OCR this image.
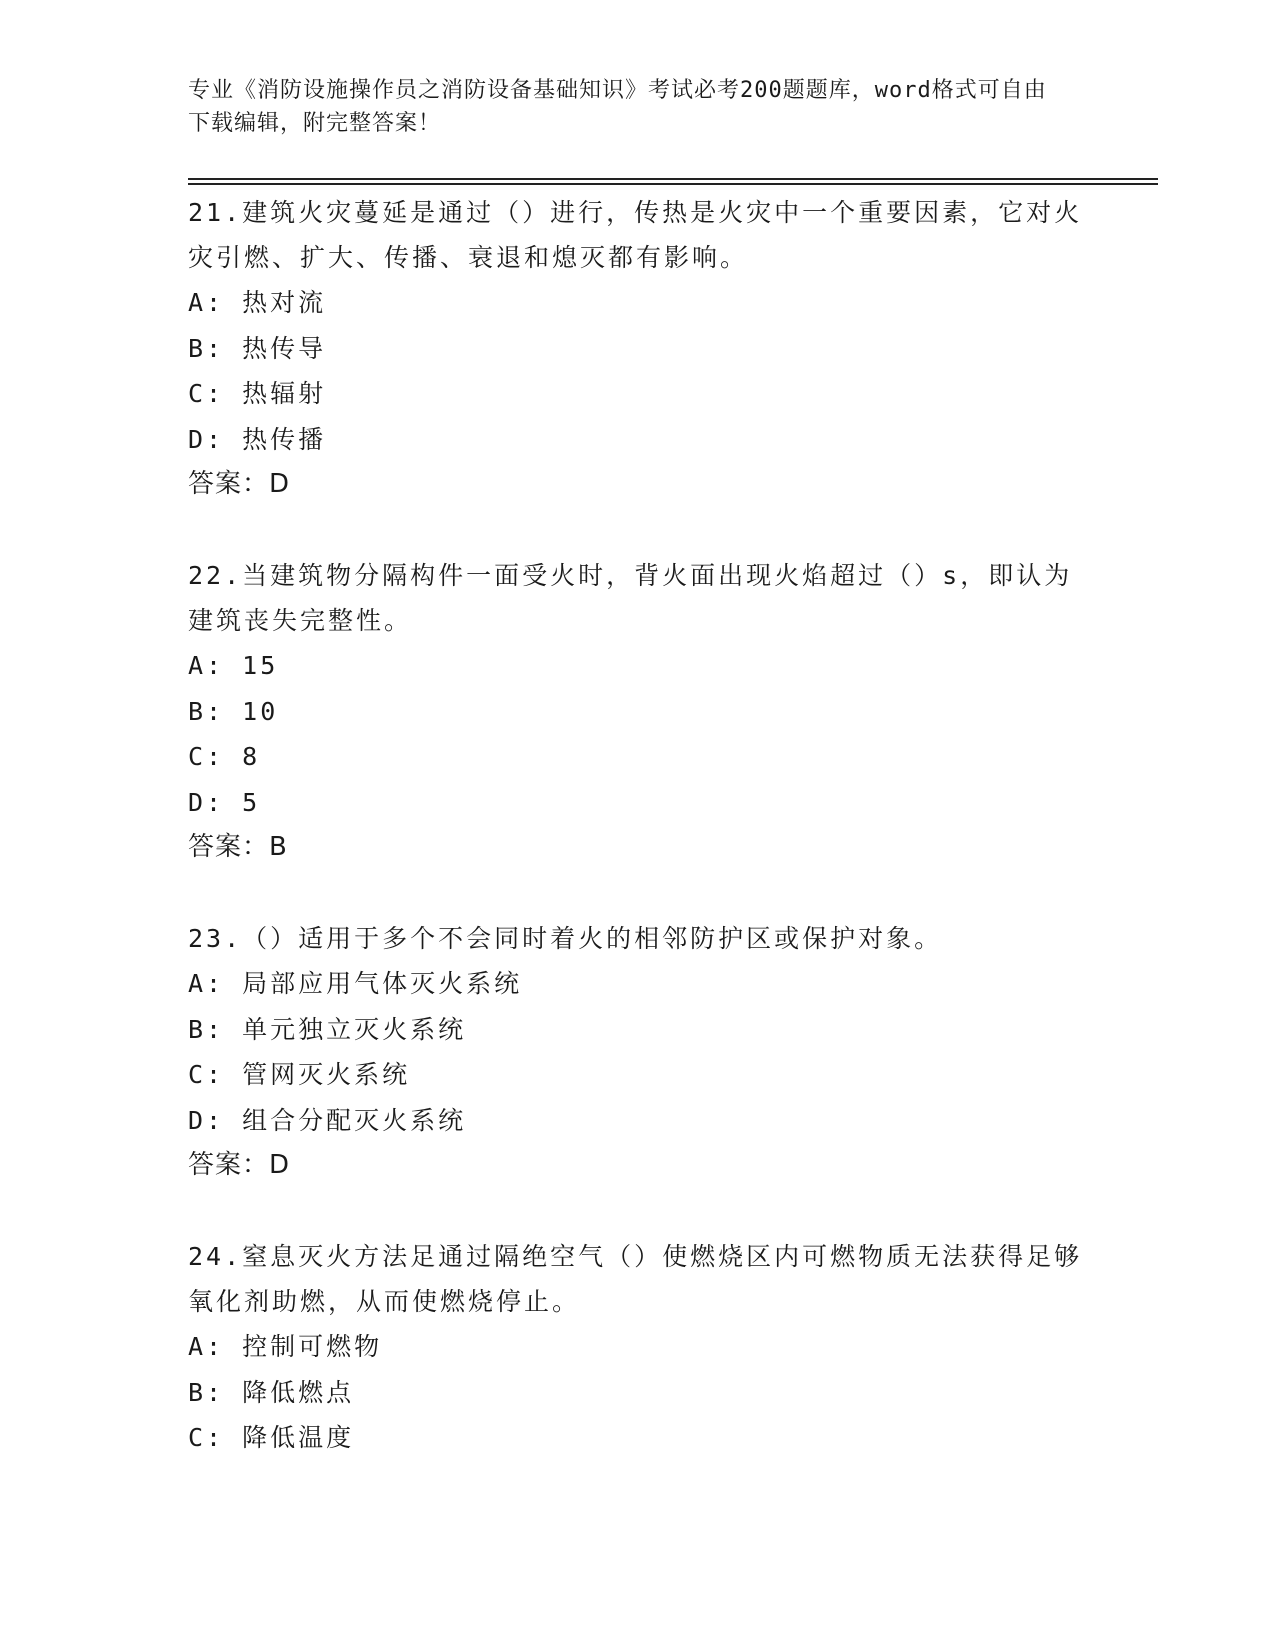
专业《消防设施操作员之消防设备基础知识》考试必考200题题库，word格式可自由下载编辑，附完整答案！

21.建筑火灾蔓延是通过（）进行，传热是火灾中一个重要因素，它对火灾引燃、扩大、传播、衰退和熄灭都有影响。

A: 热对流

B: 热传导

C: 热辐射

D: 热传播

答案：D

22.当建筑物分隔构件一面受火时，背火面出现火焰超过（）s，即认为建筑丧失完整性。

A: 15

B: 10

C: 8

D: 5

答案：B

23.（）适用于多个不会同时着火的相邻防护区或保护对象。

A: 局部应用气体灭火系统

B: 单元独立灭火系统

C: 管网灭火系统

D: 组合分配灭火系统

答案：D

24.窒息灭火方法足通过隔绝空气（）使燃烧区内可燃物质无法获得足够氧化剂助燃，从而使燃烧停止。

A: 控制可燃物

B: 降低燃点

C: 降低温度
